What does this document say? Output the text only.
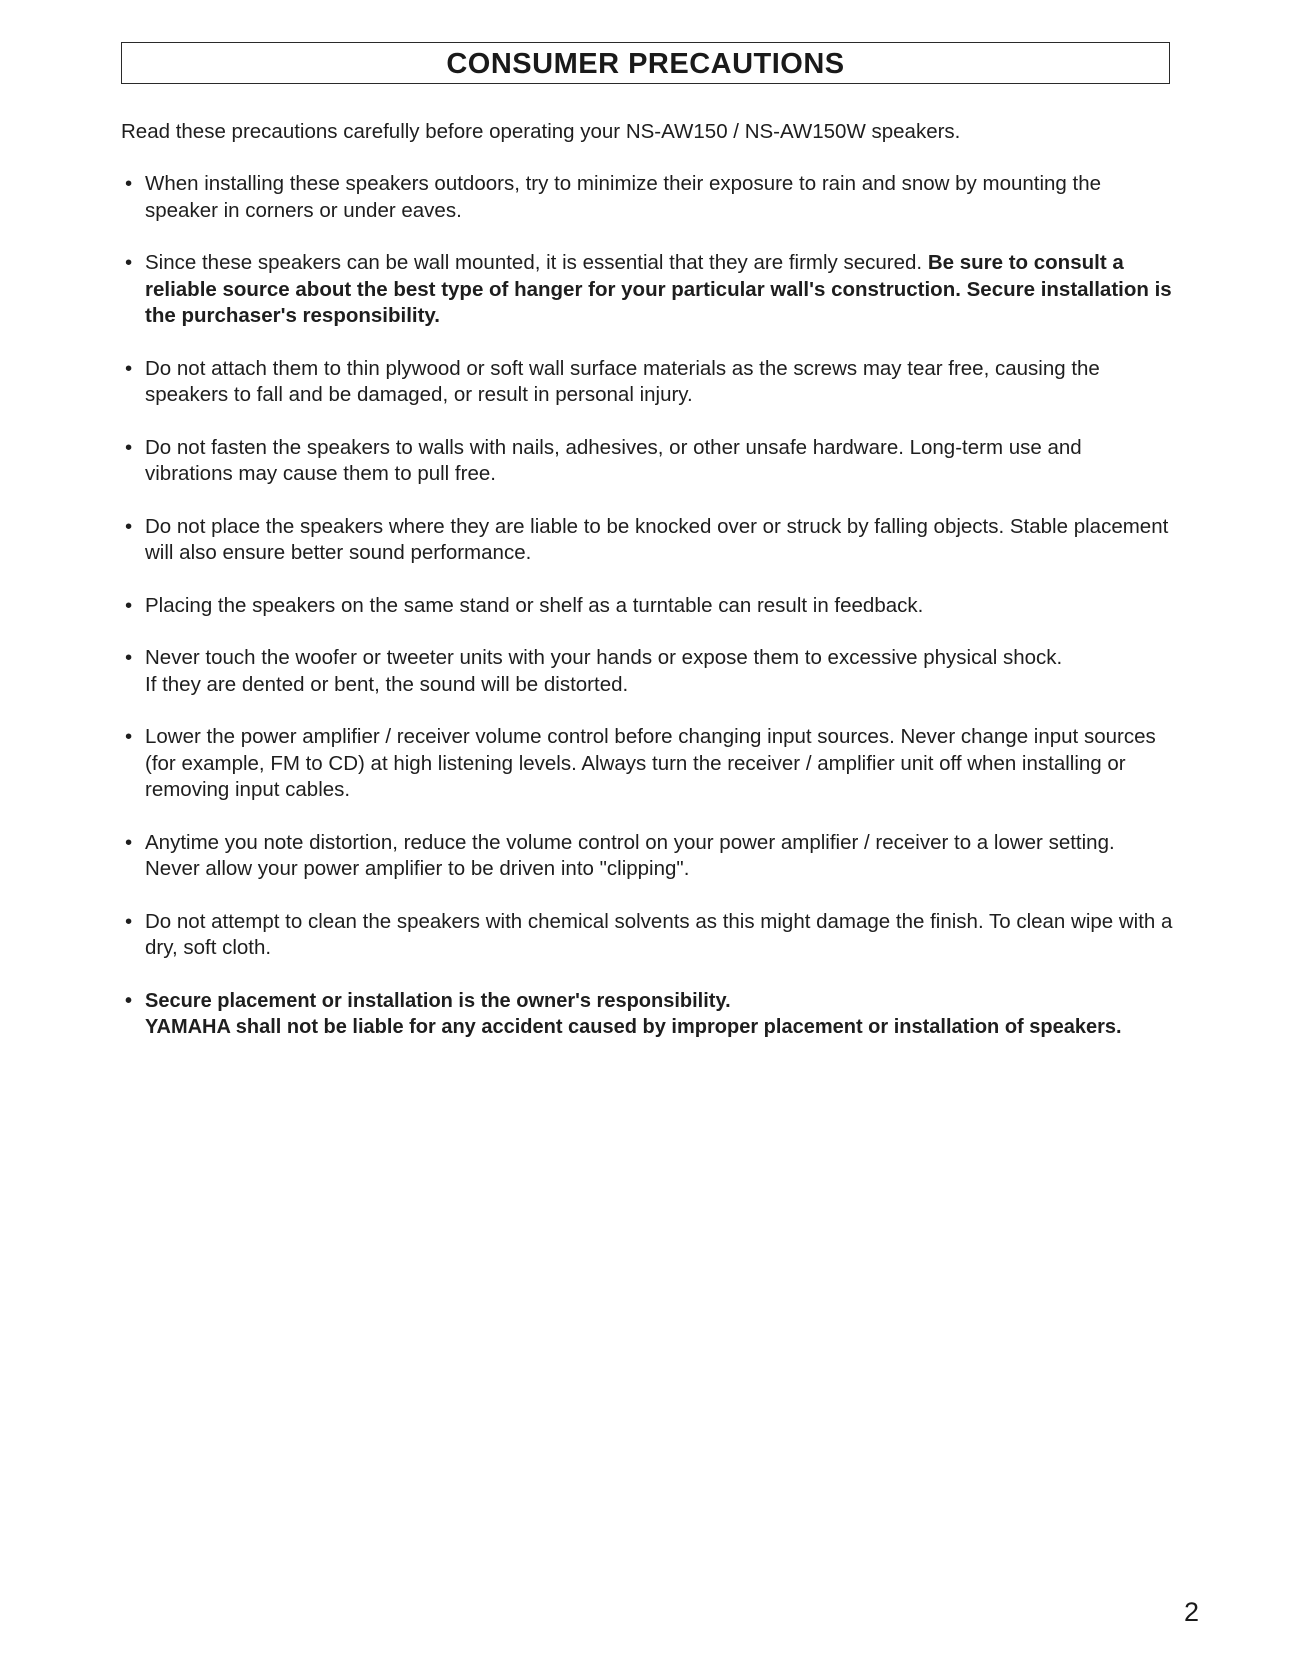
CONSUMER PRECAUTIONS
Read these precautions carefully before operating your NS-AW150 / NS-AW150W speakers.
• When installing these speakers outdoors, try to minimize their exposure to rain and snow by mounting the speaker in corners or under eaves.
• Since these speakers can be wall mounted, it is essential that they are firmly secured. Be sure to consult a reliable source about the best type of hanger for your particular wall's construction. Secure installation is the purchaser's responsibility.
• Do not attach them to thin plywood or soft wall surface materials as the screws may tear free, causing the speakers to fall and be damaged, or result in personal injury.
• Do not fasten the speakers to walls with nails, adhesives, or other unsafe hardware. Long-term use and vibrations may cause them to pull free.
• Do not place the speakers where they are liable to be knocked over or struck by falling objects. Stable placement will also ensure better sound performance.
• Placing the speakers on the same stand or shelf as a turntable can result in feedback.
• Never touch the woofer or tweeter units with your hands or expose them to excessive physical shock.
If they are dented or bent, the sound will be distorted.
• Lower the power amplifier / receiver volume control before changing input sources. Never change input sources (for example, FM to CD) at high listening levels. Always turn the receiver / amplifier unit off when installing or removing input cables.
• Anytime you note distortion, reduce the volume control on your power amplifier / receiver to a lower setting. Never allow your power amplifier to be driven into "clipping".
• Do not attempt to clean the speakers with chemical solvents as this might damage the finish. To clean wipe with a dry, soft cloth.
• Secure placement or installation is the owner's responsibility.
YAMAHA shall not be liable for any accident caused by improper placement or installation of speakers.
2
